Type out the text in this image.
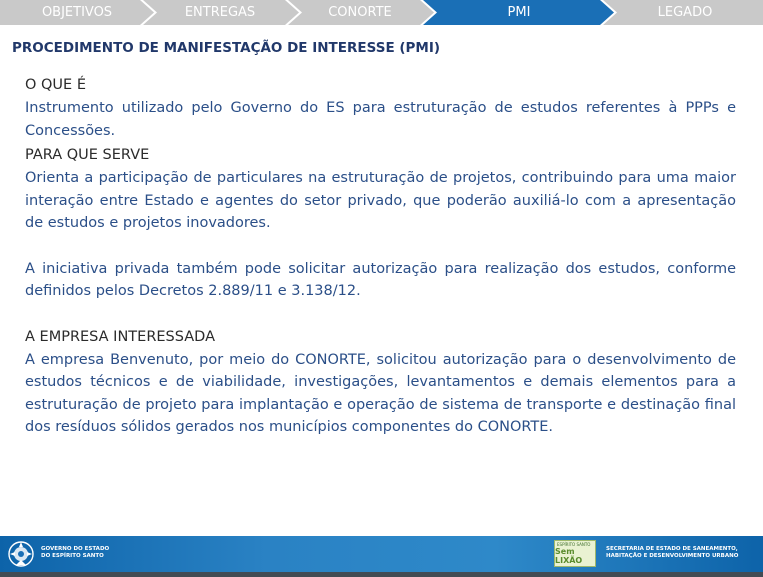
OBJETIVOS	ENTREGAS	CONORTE	PMI	LEGADO
PROCEDIMENTO DE MANIFESTAÇÃO DE INTERESSE (PMI)
O QUE É

Instrumento utilizado pelo Governo do ES para estruturação de estudos referentes à PPPs e Concessões.

PARA QUE SERVE

Orienta a participação de particulares na estruturação de projetos, contribuindo para uma maior interação entre Estado e agentes do setor privado, que poderão auxiliá-lo com a apresentação de estudos e projetos inovadores.

A iniciativa privada também pode solicitar autorização para realização dos estudos, conforme definidos pelos Decretos 2.889/11 e 3.138/12.

A EMPRESA INTERESSADA

A empresa Benvenuto, por meio do CONORTE, solicitou autorização para o desenvolvimento de estudos técnicos e de viabilidade, investigações, levantamentos e demais elementos para a estruturação de projeto para implantação e operação de sistema de transporte e destinação final dos resíduos sólidos gerados nos municípios componentes do CONORTE.

GOVERNO DO ESTADO
DO ESPÍRITO SANTO
ESPÍRITO SANTO
Sem LIXÃO
SECRETARIA DE ESTADO DE SANEAMENTO,
HABITAÇÃO E DESENVOLVIMENTO URBANO
